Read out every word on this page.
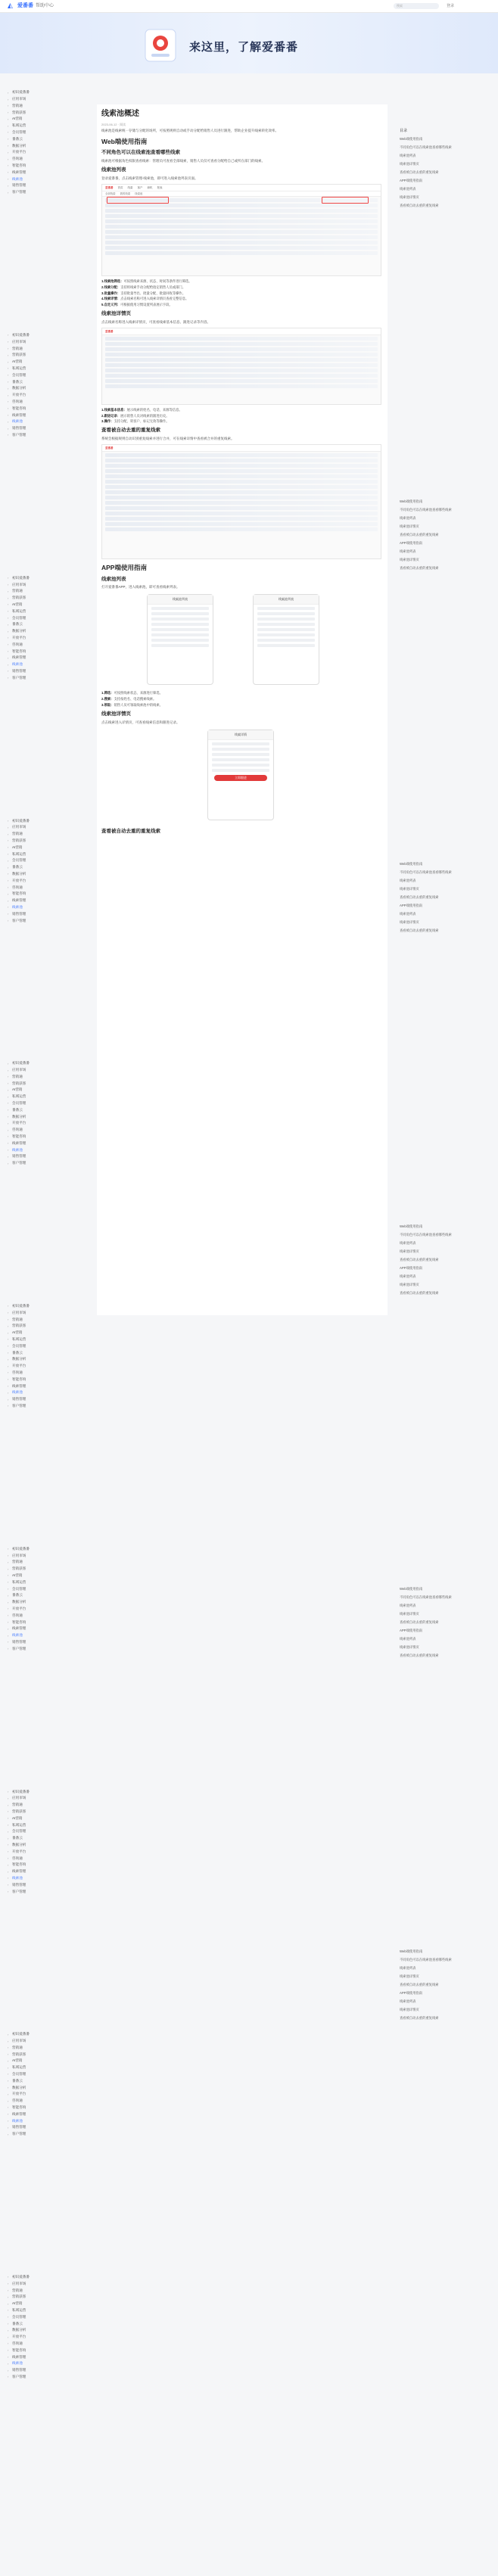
◭ 爱番番 帮助中心	搜索	登录
来这里，了解爱番番
›	初识爱番番
›	应用市场
›	营销通
›	营销获客
›	AI营销
›	私域运营
›	会员管理
›	番番云
›	数据分析
›	开放平台
›	咨询通
›	智能咨询
›	线索管理
›	线索池
›	销售管理
›	客户管理
›	初识爱番番
›	应用市场
›	营销通
›	营销获客
›	AI营销
›	私域运营
›	会员管理
›	番番云
›	数据分析
›	开放平台
›	咨询通
›	智能咨询
›	线索管理
›	线索池
›	销售管理
›	客户管理
›	初识爱番番
›	应用市场
›	营销通
›	营销获客
›	AI营销
›	私域运营
›	会员管理
›	番番云
›	数据分析
›	开放平台
›	咨询通
›	智能咨询
›	线索管理
›	线索池
›	销售管理
›	客户管理
›	初识爱番番
›	应用市场
›	营销通
›	营销获客
›	AI营销
›	私域运营
›	会员管理
›	番番云
›	数据分析
›	开放平台
›	咨询通
›	智能咨询
›	线索管理
›	线索池
›	销售管理
›	客户管理
›	初识爱番番
›	应用市场
›	营销通
›	营销获客
›	AI营销
›	私域运营
›	会员管理
›	番番云
›	数据分析
›	开放平台
›	咨询通
›	智能咨询
›	线索管理
›	线索池
›	销售管理
›	客户管理
›	初识爱番番
›	应用市场
›	营销通
›	营销获客
›	AI营销
›	私域运营
›	会员管理
›	番番云
›	数据分析
›	开放平台
›	咨询通
›	智能咨询
›	线索管理
›	线索池
›	销售管理
›	客户管理
›	初识爱番番
›	应用市场
›	营销通
›	营销获客
›	AI营销
›	私域运营
›	会员管理
›	番番云
›	数据分析
›	开放平台
›	咨询通
›	智能咨询
›	线索管理
›	线索池
›	销售管理
›	客户管理
›	初识爱番番
›	应用市场
›	营销通
›	营销获客
›	AI营销
›	私域运营
›	会员管理
›	番番云
›	数据分析
›	开放平台
›	咨询通
›	智能咨询
›	线索管理
›	线索池
›	销售管理
›	客户管理
›	初识爱番番
›	应用市场
›	营销通
›	营销获客
›	AI营销
›	私域运营
›	会员管理
›	番番云
›	数据分析
›	开放平台
›	咨询通
›	智能咨询
›	线索管理
›	线索池
›	销售管理
›	客户管理
›	初识爱番番
›	应用市场
›	营销通
›	营销获客
›	AI营销
›	私域运营
›	会员管理
›	番番云
›	数据分析
›	开放平台
›	咨询通
›	智能咨询
›	线索管理
›	线索池
›	销售管理
›	客户管理
线索池概述
2023-06-12 · 阅读
线索池是线索统一存储与分配的场所，可按照规则自动或手动分配给销售人员进行跟进，帮助企业提升线索转化效率。
Web端使用指南
不同角色可以在线索池查看哪些线索
线索池可根据角色权限查看线索：管理员可查看全部线索，销售人员仅可查看分配给自己或所在部门的线索。
线索池列表
登录爱番番，点击线索管理-线索池，即可进入线索池列表页面。
爱番番 首页 线索 客户 商机 报表
全部线索 我的线索 线索池
1.线索池筛选：可按照线索来源、状态、时间等条件进行筛选。
2.线索分配：支持将线索手动分配给指定销售人员或部门。
3.批量操作：支持批量导出、批量分配、批量回收等操作。
4.线索详情：点击线索名称可进入线索详情页查看完整信息。
5.自定义列：可根据使用习惯设置列表展示字段。
线索池详情页
点击线索名称进入线索详情页，可查看线索基本信息、跟进记录等内容。
爱番番
1.线索基本信息：展示线索的姓名、电话、来源等信息。
2.跟进记录：展示销售人员对线索的跟进历史。
3.操作：支持分配、转客户、标记无效等操作。
查看被自动去重的重复线索
系统会根据规则自动识别重复线索并进行合并，可在线索详情中查看被合并的重复线索。
爱番番
APP端使用指南
线索池列表
打开爱番番APP，进入线索池，即可查看线索列表。
线索池列表	线索池列表
1.筛选：可按照线索状态、来源进行筛选。
2.搜索：支持按姓名、电话搜索线索。
3.领取：销售人员可领取线索池中的线索。
线索池详情页
点击线索进入详情页，可查看线索信息和跟进记录。
线索详情
立即跟进
查看被自动去重的重复线索
目录
Web端使用指南
不同角色可以在线索池查看哪些线索
线索池列表
线索池详情页
查看被自动去重的重复线索
APP端使用指南
线索池列表
线索池详情页
查看被自动去重的重复线索
Web端使用指南
不同角色可以在线索池查看哪些线索
线索池列表
线索池详情页
查看被自动去重的重复线索
APP端使用指南
线索池列表
线索池详情页
查看被自动去重的重复线索
Web端使用指南
不同角色可以在线索池查看哪些线索
线索池列表
线索池详情页
查看被自动去重的重复线索
APP端使用指南
线索池列表
线索池详情页
查看被自动去重的重复线索
Web端使用指南
不同角色可以在线索池查看哪些线索
线索池列表
线索池详情页
查看被自动去重的重复线索
APP端使用指南
线索池列表
线索池详情页
查看被自动去重的重复线索
Web端使用指南
不同角色可以在线索池查看哪些线索
线索池列表
线索池详情页
查看被自动去重的重复线索
APP端使用指南
线索池列表
线索池详情页
查看被自动去重的重复线索
Web端使用指南
不同角色可以在线索池查看哪些线索
线索池列表
线索池详情页
查看被自动去重的重复线索
APP端使用指南
线索池列表
线索池详情页
查看被自动去重的重复线索
